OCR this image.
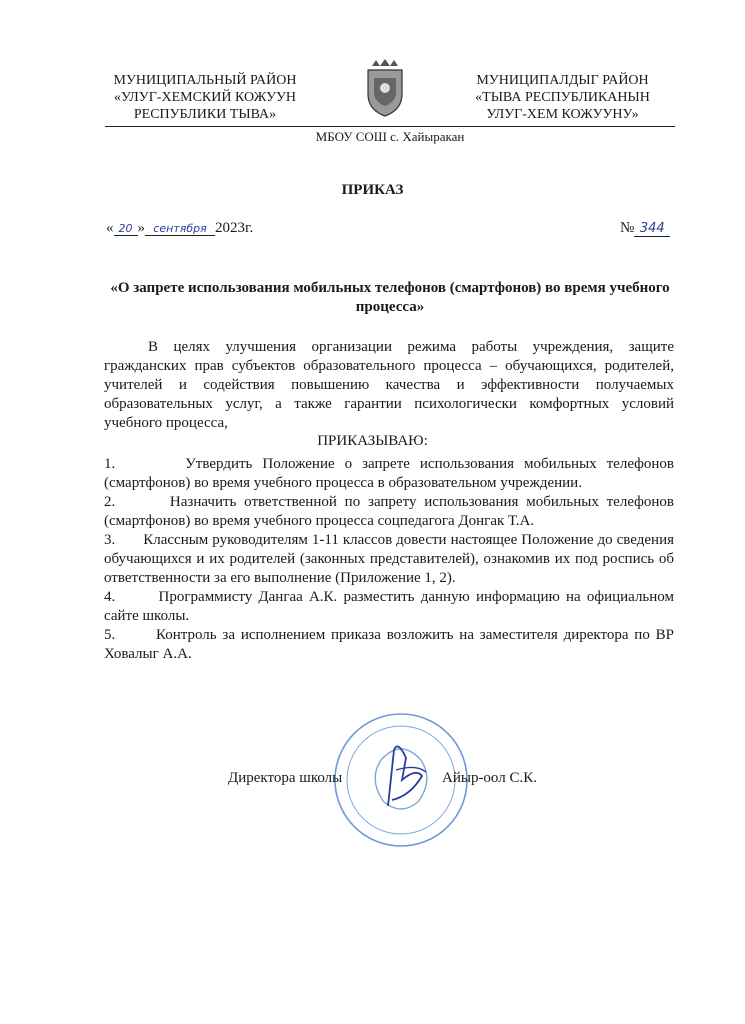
МУНИЦИПАЛЬНЫЙ РАЙОН
«УЛУГ-ХЕМСКИЙ КОЖУУН
РЕСПУБЛИКИ ТЫВА»
МУНИЦИПАЛДЫГ РАЙОН
«ТЫВА РЕСПУБЛИКАНЫН
УЛУГ-ХЕМ КОЖУУНУ»
МБОУ СОШ с. Хайыракан
ПРИКАЗ
« 20 » сентября 2023г.	№ 344
«О запрете использования мобильных телефонов (смартфонов) во время учебного процесса»

В целях улучшения организации режима работы учреждения, защите гражданских прав субъектов образовательного процесса – обучающихся, родителей, учителей и содействия повышению качества и эффективности получаемых образовательных услуг, а также гарантии психологически комфортных условий учебного процесса,

ПРИКАЗЫВАЮ:

1.	Утвердить Положение о запрете использования мобильных телефонов (смартфонов) во время учебного процесса в образовательном учреждении.

2.	Назначить ответственной по запрету использования мобильных телефонов (смартфонов) во время учебного процесса соцпедагога Донгак Т.А.

3. Классным руководителям 1-11 классов довести настоящее Положение до сведения обучающихся и их родителей (законных представителей), ознакомив их под роспись об ответственности за его выполнение (Приложение 1, 2).

4.	Программисту Дангаа А.К. разместить данную информацию на официальном сайте школы.

5.	Контроль за исполнением приказа возложить на заместителя директора по ВР Ховалыг А.А.

Директора школы	Айыр-оол С.К.
